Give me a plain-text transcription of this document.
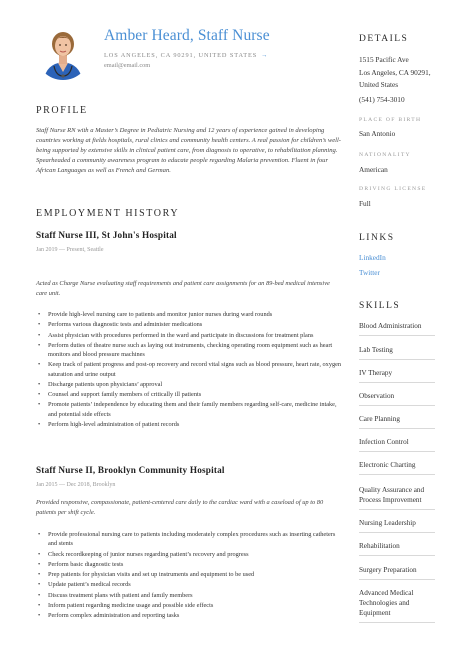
Amber Heard, Staff Nurse
LOS ANGELES, CA 90291, UNITED STATES →
email@email.com
PROFILE
Staff Nurse RN with a Master’s Degree in Pediatric Nursing and 12 years of experience gained in developing countries working at fields hospitals, rural clinics and community health centers. A real passion for children’s well-being supported by extensive skills in clinical patient care, from diagnosis to operative, to rehabilitation planning. Spearheaded a community awareness program to educate people regarding Malaria prevention. Fluent in four African Languages as well as French and German.
EMPLOYMENT HISTORY
Staff Nurse III, St John's Hospital
Jan 2019 — Present, Seattle
Acted as Charge Nurse evaluating staff requirements and patient care assignments for an 89-bed medical intensive care unit.
• Provide high-level nursing care to patients and monitor junior nurses during ward rounds
• Performs various diagnostic tests and administer medications
• Assist physician with procedures performed in the ward and participate in discussions for treatment plans
• Perform duties of theatre nurse such as laying out instruments, checking operating room equipment such as heart monitors and blood pressure machines
• Keep track of patient progress and post-op recovery and record vital signs such as blood pressure, heart rate, oxygen saturation and urine output
• Discharge patients upon physicians’ approval
• Counsel and support family members of critically ill patients
• Promote patients’ independence by educating them and their family members regarding self-care, medicine intake, and potential side effects
• Perform high-level administration of patient records
Staff Nurse II, Brooklyn Community Hospital
Jan 2015 — Dec 2018, Brooklyn
Provided responsive, compassionate, patient-centered care daily to the cardiac ward with a caseload of up to 80 patients per shift cycle.
• Provide professional nursing care to patients including moderately complex procedures such as inserting catheters and stents
• Check recordkeeping of junior nurses regarding patient’s recovery and progress
• Perform basic diagnostic tests
• Prep patients for physician visits and set up instruments and equipment to be used
• Update patient’s medical records
• Discuss treatment plans with patient and family members
• Inform patient regarding medicine usage and possible side effects
• Perform complex administration and reporting tasks
DETAILS
1515 Pacific Ave
Los Angeles, CA 90291,
United States
(541) 754-3010
PLACE OF BIRTH
San Antonio
NATIONALITY
American
DRIVING LICENSE
Full
LINKS
LinkedIn
Twitter
SKILLS
Blood Administration
Lab Testing
IV Therapy
Observation
Care Planning
Infection Control
Electronic Charting
Quality Assurance and Process Improvement
Nursing Leadership
Rehabilitation
Surgery Preparation
Advanced Medical Technologies and Equipment
